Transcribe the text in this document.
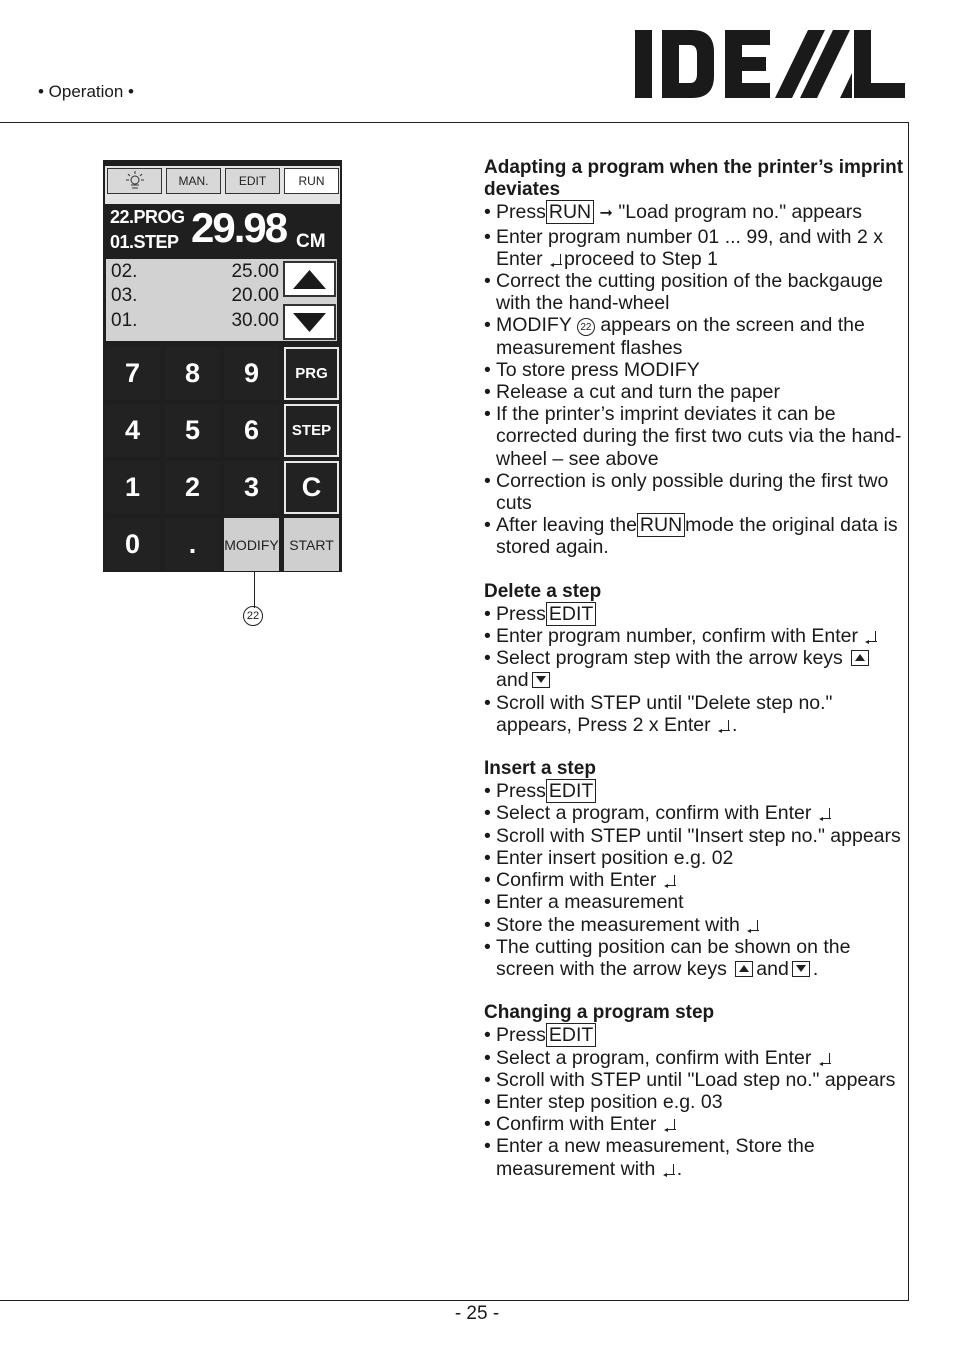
• Operation •
MAN.	EDIT	RUN
22.PROG
01.STEP 29.98 CM
02.	25.00
03.	20.00
01.	30.00
7	8	9	PRG
4	5	6	STEP
1	2	3	C
0	.	MODIFY START
22
Adapting a program when the printer’s imprint deviates
• Press RUN ➞ "Load program no." appears
• Enter program number 01 ... 99, and with 2 x Enter proceed to Step 1
• Correct the cutting position of the backgauge with the hand-wheel
• MODIFY 22 appears on the screen and the measurement flashes
• To store press MODIFY
• Release a cut and turn the paper
• If the printer’s imprint deviates it can be corrected during the first two cuts via the hand-wheel – see above
• Correction is only possible during the first two cuts
• After leaving the RUN mode the original data is stored again.
Delete a step
• Press EDIT
• Enter program number, confirm with Enter
• Select program step with the arrow keys and
• Scroll with STEP until "Delete step no." appears, Press 2 x Enter .
Insert a step
• Press EDIT
• Select a program, confirm with Enter
• Scroll with STEP until "Insert step no." appears
• Enter insert position e.g. 02
• Confirm with Enter
• Enter a measurement
• Store the measurement with
• The cutting position can be shown on the screen with the arrow keys and .
Changing a program step
• Press EDIT
• Select a program, confirm with Enter
• Scroll with STEP until "Load step no." appears
• Enter step position e.g. 03
• Confirm with Enter
• Enter a new measurement, Store the measurement with .
- 25 -
